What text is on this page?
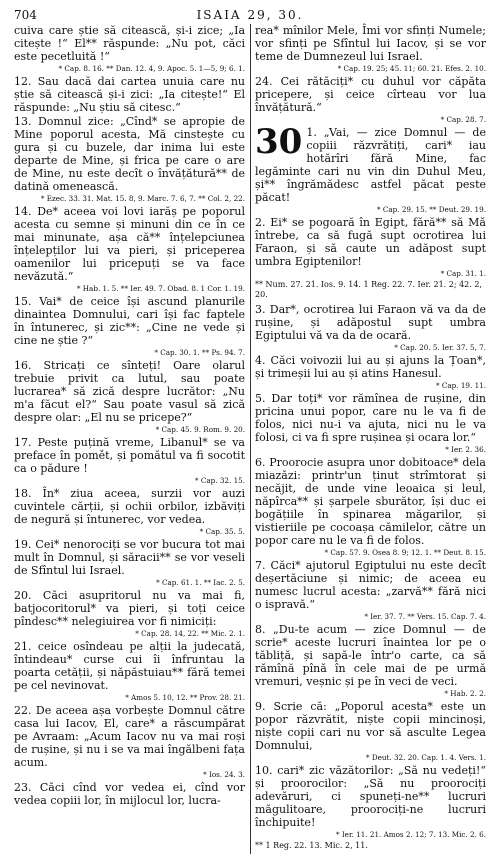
704	ISAIA 29, 30.

cuiva care știe să citească, și-i zice; „Ia citește !“ El** răspunde: „Nu pot, căci este pecetluită !“

* Cap. 8. 16. ** Dan. 12. 4, 9. Apoc. 5. 1—5, 9; 6. 1.

12. Sau dacă dai cartea unuia care nu știe să citească și-i zici: „Ia citește!“ El răspunde: „Nu știu să citesc.“

13. Domnul zice: „Cînd* se apropie de Mine poporul acesta, Mă cinstește cu gura și cu buzele, dar inima lui este departe de Mine, și frica pe care o are de Mine, nu este decît o învățătură** de datină omenească.

* Ezec. 33. 31. Mat. 15. 8, 9. Marc. 7. 6, 7. ** Col. 2, 22.

14. De* aceea voi lovi iarăș pe poporul acesta cu semne și minuni din ce în ce mai minunate, așa că** înțelepciunea înțelepților lui va pieri, și priceperea oamenilor lui pricepuți se va face nevăzută.“

* Hab. 1. 5. ** Ier. 49. 7. Obad. 8. 1 Cor. 1. 19.

15. Vai* de ceice își ascund planurile dinaintea Domnului, cari își fac faptele în întunerec, și zic**: „Cine ne vede și cine ne știe ?“

* Cap. 30. 1. ** Ps. 94. 7.

16. Stricați ce sînteți! Oare olarul trebuie privit ca lutul, sau poate lucrarea* să zică despre lucrător: „Nu m'a făcut el?“ Sau poate vasul să zică despre olar: „El nu se pricepe?“

* Cap. 45. 9. Rom. 9. 20.

17. Peste puțină vreme, Libanul* se va preface în pomět, și pomătul va fi socotit ca o pădure !

* Cap. 32. 15.

18. În* ziua aceea, surzii vor auzi cuvintele cărții, și ochii orbilor, izbăviți de negură și întunerec, vor vedea.

* Cap. 35. 5.

19. Cei* nenorociți se vor bucura tot mai mult în Domnul, și săracii** se vor veseli de Sfîntul lui Israel.

* Cap. 61. 1. ** Iac. 2. 5.

20. Căci asupritorul nu va mai fi, batjocoritorul* va pieri, și toți ceice pîndesc** nelegiuirea vor fi nimiciți:

* Cap. 28. 14, 22. ** Mic. 2. 1.

21. ceice osîndeau pe alții la judecată, întindeau* curse cui îi înfruntau la poarta cetății, și năpăstuiau** fără temei pe cel nevinovat.

* Amos 5. 10, 12. ** Prov. 28. 21.

22. De aceea așa vorbește Domnul către casa lui Iacov, El, care* a răscumpărat pe Avraam: „Acum Iacov nu va mai roși de rușine, și nu i se va mai îngălbeni fața acum.

* Ios. 24. 3.

23. Căci cînd vor vedea ei, cînd vor vedea copiii lor, în mijlocul lor, lucra-

rea* mînilor Mele, Îmi vor sfinți Numele; vor sfinți pe Sfîntul lui Iacov, și se vor teme de Dumnezeul lui Israel.

* Cap. 19. 25; 45. 11; 60. 21. Efes. 2. 10.

24. Cei rătăciți* cu duhul vor căpăta pricepere, și ceice cîrteau vor lua învățătură.“

* Cap. 28. 7.

30 1. „Vai, — zice Domnul — de copiii răzvrătiți, cari* iau hotărîri fără Mine, fac legăminte cari nu vin din Duhul Meu, și** îngrămădesc astfel păcat peste păcat!

* Cap. 29. 15. ** Deut. 29. 19.

2. Ei* se pogoară în Egipt, fără** să Mă întrebe, ca să fugă supt ocrotirea lui Faraon, și să caute un adăpost supt umbra Egiptenilor!

* Cap. 31. 1.

** Num. 27. 21. Ios. 9. 14. 1 Reg. 22. 7. Ier. 21. 2; 42. 2, 20.

3. Dar*, ocrotirea lui Faraon vă va da de rușine, și adăpostul supt umbra Egiptului vă va da de ocară.

* Cap. 20. 5. Ier. 37. 5, 7.

4. Căci voivozii lui au și ajuns la Țoan*, și trimeșii lui au și atins Hanesul.

* Cap. 19. 11.

5. Dar toți* vor rămînea de rușine, din pricina unui popor, care nu le va fi de folos, nici nu-i va ajuta, nici nu le va folosi, ci va fi spre rușinea și ocara lor.“

* Ier. 2. 36.

6. Proorocie asupra unor dobitoace* dela miazăzi: printr'un ținut strîmtorat și necăjit, de unde vine leoaica și leul, năpîrca** și șarpele sburător, își duc ei bogățiile în spinarea măgarilor, și vistieriile pe cocoașa cămilelor, către un popor care nu le va fi de folos.

* Cap. 57. 9. Osea 8. 9; 12. 1. ** Deut. 8. 15.

7. Căci* ajutorul Egiptului nu este decît deșertăciune și nimic; de aceea eu numesc lucrul acesta: „zarvă** fără nici o ispravă.“

* Ier. 37. 7. ** Vers. 15. Cap. 7. 4.

8. „Du-te acum — zice Domnul — de scrie* aceste lucruri înaintea lor pe o tăbliță, și sapă-le într'o carte, ca să rămînă pînă în cele mai de pe urmă vremuri, veșnic și pe în veci de veci.

* Hab. 2. 2.

9. Scrie că: „Poporul acesta* este un popor răzvrătit, niște copii mincinoși, niște copii cari nu vor să asculte Legea Domnului,

* Deut. 32. 20. Cap. 1. 4. Vers. 1.

10. cari* zic văzătorilor: „Să nu vedeți!“ și proorocilor: „Să nu proorociți adevăruri, ci spuneți-ne** lucruri măgulitoare, proorociți-ne lucruri închipuite!

* Ier. 11. 21. Amos 2. 12; 7. 13. Mic. 2. 6.

** 1 Reg. 22. 13. Mic. 2, 11.
